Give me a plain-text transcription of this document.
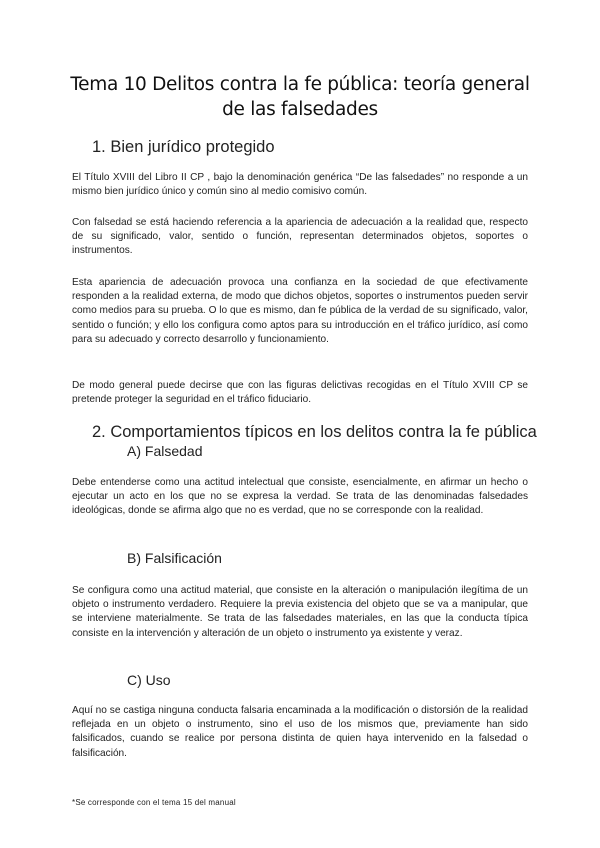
Tema 10 Delitos contra la fe pública: teoría general de las falsedades
1. Bien jurídico protegido

El Título XVIII del Libro II CP , bajo la denominación genérica “De las falsedades” no responde a un mismo bien jurídico único y común sino al medio comisivo común.

Con falsedad se está haciendo referencia a la apariencia de adecuación a la realidad que, respecto de su significado, valor, sentido o función, representan determinados objetos, soportes o instrumentos.

Esta apariencia de adecuación provoca una confianza en la sociedad de que efectivamente responden a la realidad externa, de modo que dichos objetos, soportes o instrumentos pueden servir como medios para su prueba. O lo que es mismo, dan fe pública de la verdad de su significado, valor, sentido o función; y ello los configura como aptos para su introducción en el tráfico jurídico, así como para su adecuado y correcto desarrollo y funcionamiento.

De modo general puede decirse que con las figuras delictivas recogidas en el Título XVIII CP se pretende proteger la seguridad en el tráfico fiduciario.

2. Comportamientos típicos en los delitos contra la fe pública
A) Falsedad

Debe entenderse como una actitud intelectual que consiste, esencialmente, en afirmar un hecho o ejecutar un acto en los que no se expresa la verdad. Se trata de las denominadas falsedades ideológicas, donde se afirma algo que no es verdad, que no se corresponde con la realidad.

B) Falsificación

Se configura como una actitud material, que consiste en la alteración o manipulación ilegítima de un objeto o instrumento verdadero. Requiere la previa existencia del objeto que se va a manipular, que se interviene materialmente. Se trata de las falsedades materiales, en las que la conducta típica consiste en la intervención y alteración de un objeto o instrumento ya existente y veraz.

C) Uso

Aquí no se castiga ninguna conducta falsaria encaminada a la modificación o distorsión de la realidad reflejada en un objeto o instrumento, sino el uso de los mismos que, previamente han sido falsificados, cuando se realice por persona distinta de quien haya intervenido en la falsedad o falsificación.

*Se corresponde con el tema 15 del manual
